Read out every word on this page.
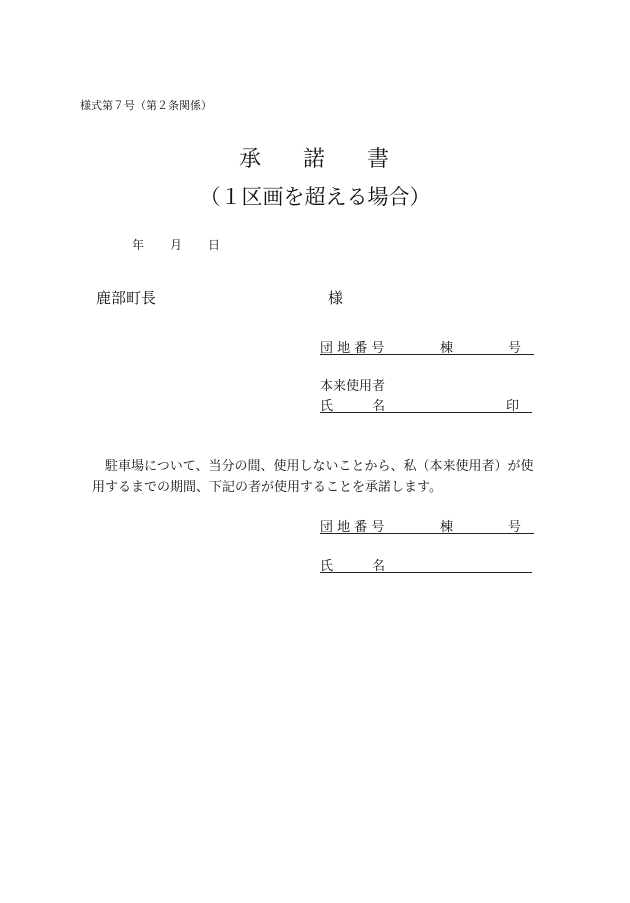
様式第７号（第２条関係）
承 諾 書
（１区画を超える場合）
年 月 日
鹿部町長	様
団 地 番 号	棟	号
本来使用者
氏	名	印
駐車場について、当分の間、使用しないことから、私（本来使用者）が使
用するまでの期間、下記の者が使用することを承諾します。
団 地 番 号	棟	号
氏	名
